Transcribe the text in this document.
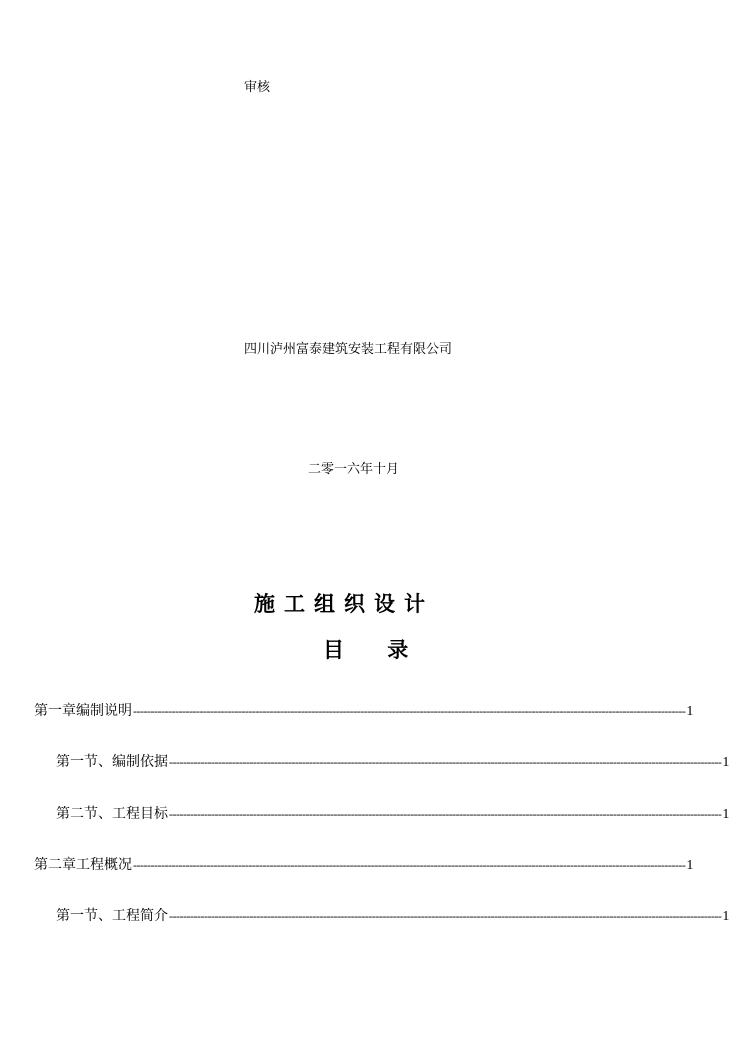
审核
四川泸州富泰建筑安装工程有限公司
二零一六年十月
施工组织设计
目 录
第一章 编制说明 -------------------------------------------------------------------------------------------------------------------------------------------------------------- 1
第一节、 编制依据 -------------------------------------------------------------------------------------------------------------------------------------------------------------- 1
第二节、 工程目标 -------------------------------------------------------------------------------------------------------------------------------------------------------------- 1
第二章 工程概况 -------------------------------------------------------------------------------------------------------------------------------------------------------------- 1
第一节 、工程简介 -------------------------------------------------------------------------------------------------------------------------------------------------------------- 1
